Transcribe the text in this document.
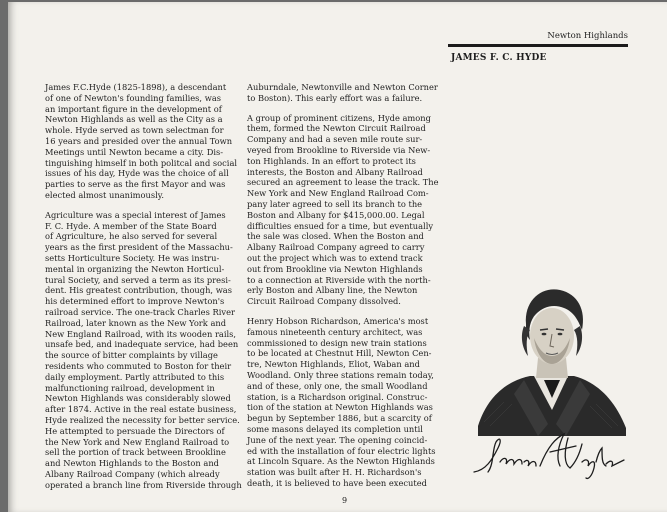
Newton Highlands
JAMES F. C. HYDE

James F.C.Hyde (1825-1898), a descendant
of one of Newton's founding families, was
an important figure in the development of
Newton Highlands as well as the City as a
whole. Hyde served as town selectman for
16 years and presided over the annual Town
Meetings until Newton became a city. Dis-
tinguishing himself in both politcal and social
issues of his day, Hyde was the choice of all
parties to serve as the first Mayor and was
elected almost unanimously.

Agriculture was a special interest of James
F. C. Hyde. A member of the State Board
of Agriculture, he also served for several
years as the first president of the Massachu-
setts Horticulture Society. He was instru-
mental in organizing the Newton Horticul-
tural Society, and served a term as its presi-
dent. His greatest contribution, though, was
his determined effort to improve Newton's
railroad service. The one-track Charles River
Railroad, later known as the New York and
New England Railroad, with its wooden rails,
unsafe bed, and inadequate service, had been
the source of bitter complaints by village
residents who commuted to Boston for their
daily employment. Partly attributed to this
malfunctioning railroad, development in
Newton Highlands was considerably slowed
after 1874. Active in the real estate business,
Hyde realized the necessity for better service.
He attempted to persuade the Directors of
the New York and New England Railroad to
sell the portion of track between Brookline
and Newton Highlands to the Boston and
Albany Railroad Company (which already
operated a branch line from Riverside through

Auburndale, Newtonville and Newton Corner
to Boston). This early effort was a failure.

A group of prominent citizens, Hyde among
them, formed the Newton Circuit Railroad
Company and had a seven mile route sur-
veyed from Brookline to Riverside via New-
ton Highlands. In an effort to protect its
interests, the Boston and Albany Railroad
secured an agreement to lease the track. The
New York and New England Railroad Com-
pany later agreed to sell its branch to the
Boston and Albany for $415,000.00. Legal
difficulties ensued for a time, but eventually
the sale was closed. When the Boston and
Albany Railroad Company agreed to carry
out the project which was to extend track
out from Brookline via Newton Highlands
to a connection at Riverside with the north-
erly Boston and Albany line, the Newton
Circuit Railroad Company dissolved.

Henry Hobson Richardson, America's most
famous nineteenth century architect, was
commissioned to design new train stations
to be located at Chestnut Hill, Newton Cen-
tre, Newton Highlands, Eliot, Waban and
Woodland. Only three stations remain today,
and of these, only one, the small Woodland
station, is a Richardson original. Construc-
tion of the station at Newton Highlands was
begun by September 1886, but a scarcity of
some masons delayed its completion until
June of the next year. The opening coincid-
ed with the installation of four electric lights
at Lincoln Square. As the Newton Highlands
station was built after H. H. Richardson's
death, it is believed to have been executed

9
